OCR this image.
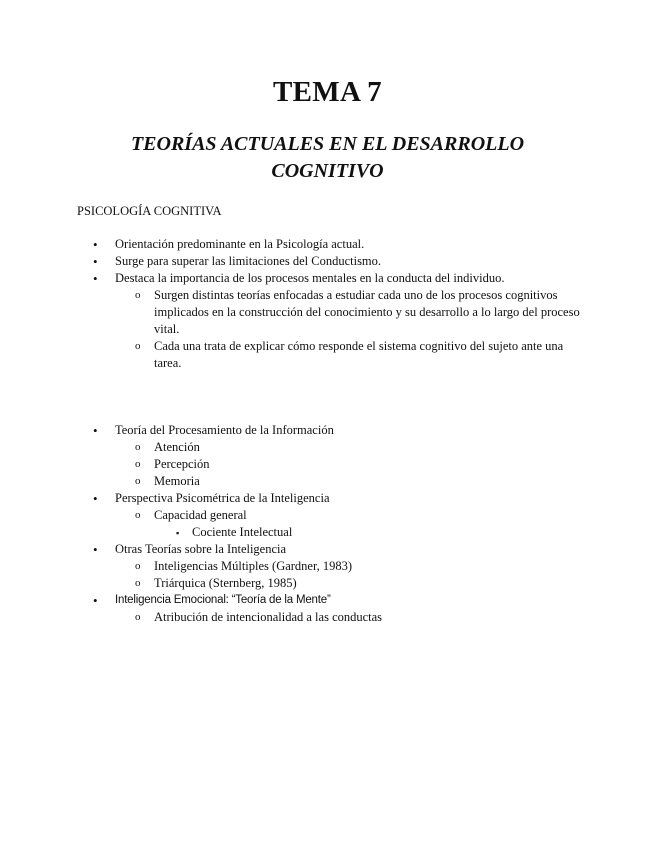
TEMA 7
TEORÍAS ACTUALES EN EL DESARROLLO
COGNITIVO
PSICOLOGÍA COGNITIVA
• Orientación predominante en la Psicología actual.
• Surge para superar las limitaciones del Conductismo.
• Destaca la importancia de los procesos mentales en la conducta del individuo.
o Surgen distintas teorías enfocadas a estudiar cada uno de los procesos cognitivos implicados en la construcción del conocimiento y su desarrollo a lo largo del proceso vital.
o Cada una trata de explicar cómo responde el sistema cognitivo del sujeto ante una tarea.
• Teoría del Procesamiento de la Información
o Atención
o Percepción
o Memoria
• Perspectiva Psicométrica de la Inteligencia
o Capacidad general
▪ Cociente Intelectual
• Otras Teorías sobre la Inteligencia
o Inteligencias Múltiples (Gardner, 1983)
o Triárquica (Sternberg, 1985)
• Inteligencia Emocional: “Teoría de la Mente”
o Atribución de intencionalidad a las conductas
